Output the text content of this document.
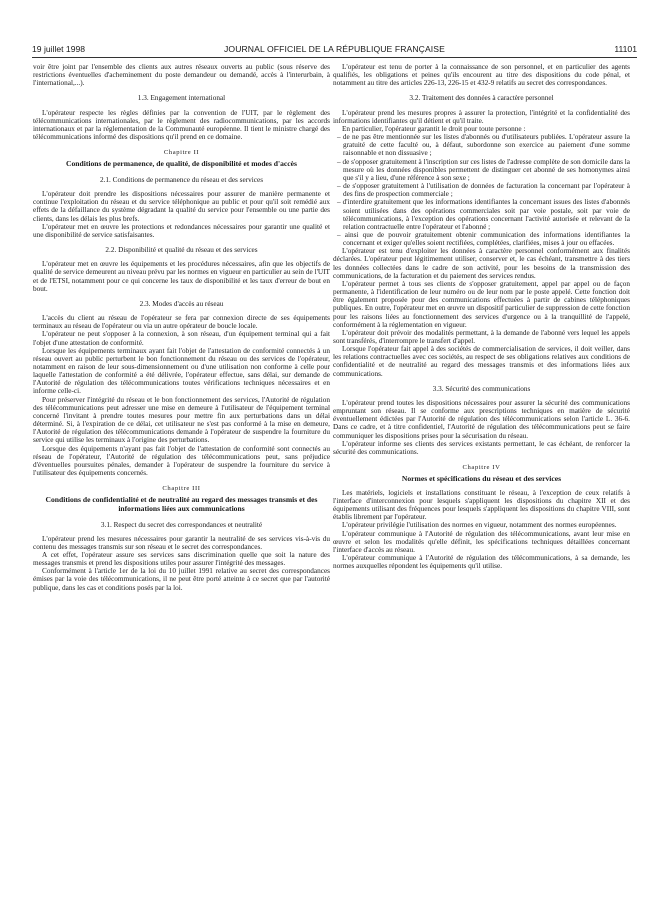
19 juillet 1998	JOURNAL OFFICIEL DE LA RÉPUBLIQUE FRANÇAISE	11101

voir être joint par l'ensemble des clients aux autres réseaux ouverts au public (sous réserve des restrictions éventuelles d'acheminement du poste demandeur ou demandé, accès à l'interurbain, à l'international,...).

1.3. Engagement international

L'opérateur respecte les règles définies par la convention de l'UIT, par le règlement des télécommunications internationales, par le règlement des radiocommunications, par les accords internationaux et par la réglementation de la Communauté européenne. Il tient le ministre chargé des télécommunications informé des dispositions qu'il prend en ce domaine.

Chapitre II
Conditions de permanence, de qualité, de disponibilité et modes d'accès
2.1. Conditions de permanence du réseau et des services

L'opérateur doit prendre les dispositions nécessaires pour assurer de manière permanente et continue l'exploitation du réseau et du service téléphonique au public et pour qu'il soit remédié aux effets de la défaillance du système dégradant la qualité du service pour l'ensemble ou une partie des clients, dans les délais les plus brefs.

L'opérateur met en œuvre les protections et redondances nécessaires pour garantir une qualité et une disponibilité de service satisfaisantes.

2.2. Disponibilité et qualité du réseau et des services

L'opérateur met en œuvre les équipements et les procédures nécessaires, afin que les objectifs de qualité de service demeurent au niveau prévu par les normes en vigueur en particulier au sein de l'UIT et de l'ETSI, notamment pour ce qui concerne les taux de disponibilité et les taux d'erreur de bout en bout.

2.3. Modes d'accès au réseau

L'accès du client au réseau de l'opérateur se fera par connexion directe de ses équipements terminaux au réseau de l'opérateur ou via un autre opérateur de boucle locale.

L'opérateur ne peut s'opposer à la connexion, à son réseau, d'un équipement terminal qui a fait l'objet d'une attestation de conformité.

Lorsque les équipements terminaux ayant fait l'objet de l'attestation de conformité connectés à un réseau ouvert au public perturbent le bon fonctionnement du réseau ou des services de l'opérateur, notamment en raison de leur sous-dimensionnement ou d'une utilisation non conforme à celle pour laquelle l'attestation de conformité a été délivrée, l'opérateur effectue, sans délai, sur demande de l'Autorité de régulation des télécommunications toutes vérifications techniques nécessaires et en informe celle-ci.

Pour préserver l'intégrité du réseau et le bon fonctionnement des services, l'Autorité de régulation des télécommunications peut adresser une mise en demeure à l'utilisateur de l'équipement terminal concerné l'invitant à prendre toutes mesures pour mettre fin aux perturbations dans un délai déterminé. Si, à l'expiration de ce délai, cet utilisateur ne s'est pas conformé à la mise en demeure, l'Autorité de régulation des télécommunications demande à l'opérateur de suspendre la fourniture du service qui utilise les terminaux à l'origine des perturbations.

Lorsque des équipements n'ayant pas fait l'objet de l'attestation de conformité sont connectés au réseau de l'opérateur, l'Autorité de régulation des télécommunications peut, sans préjudice d'éventuelles poursuites pénales, demander à l'opérateur de suspendre la fourniture du service à l'utilisateur des équipements concernés.

Chapitre III
Conditions de confidentialité et de neutralité au regard des messages transmis et des informations liées aux communications
3.1. Respect du secret des correspondances et neutralité

L'opérateur prend les mesures nécessaires pour garantir la neutralité de ses services vis-à-vis du contenu des messages transmis sur son réseau et le secret des correspondances.

A cet effet, l'opérateur assure ses services sans discrimination quelle que soit la nature des messages transmis et prend les dispositions utiles pour assurer l'intégrité des messages.

Conformément à l'article 1er de la loi du 10 juillet 1991 relative au secret des correspondances émises par la voie des télécommunications, il ne peut être porté atteinte à ce secret que par l'autorité publique, dans les cas et conditions posés par la loi.

L'opérateur est tenu de porter à la connaissance de son personnel, et en particulier des agents qualifiés, les obligations et peines qu'ils encourent au titre des dispositions du code pénal, et notamment au titre des articles 226-13, 226-15 et 432-9 relatifs au secret des correspondances.

3.2. Traitement des données à caractère personnel

L'opérateur prend les mesures propres à assurer la protection, l'intégrité et la confidentialité des informations identifiantes qu'il détient et qu'il traite.

En particulier, l'opérateur garantit le droit pour toute personne :

– de ne pas être mentionnée sur les listes d'abonnés ou d'utilisateurs publiées. L'opérateur assure la gratuité de cette faculté ou, à défaut, subordonne son exercice au paiement d'une somme raisonnable et non dissuasive ;
– de s'opposer gratuitement à l'inscription sur ces listes de l'adresse complète de son domicile dans la mesure où les données disponibles permettent de distinguer cet abonné de ses homonymes ainsi que s'il y a lieu, d'une référence à son sexe ;
– de s'opposer gratuitement à l'utilisation de données de facturation la concernant par l'opérateur à des fins de prospection commerciale ;
– d'interdire gratuitement que les informations identifiantes la concernant issues des listes d'abonnés soient utilisées dans des opérations commerciales soit par voie postale, soit par voie de télécommunications, à l'exception des opérations concernant l'activité autorisée et relevant de la relation contractuelle entre l'opérateur et l'abonné ;
– ainsi que de pouvoir gratuitement obtenir communication des informations identifiantes la concernant et exiger qu'elles soient rectifiées, complétées, clarifiées, mises à jour ou effacées.

L'opérateur est tenu d'exploiter les données à caractère personnel conformément aux finalités déclarées. L'opérateur peut légitimement utiliser, conserver et, le cas échéant, transmettre à des tiers les données collectées dans le cadre de son activité, pour les besoins de la transmission des communications, de la facturation et du paiement des services rendus.

L'opérateur permet à tous ses clients de s'opposer gratuitement, appel par appel ou de façon permanente, à l'identification de leur numéro ou de leur nom par le poste appelé. Cette fonction doit être également proposée pour des communications effectuées à partir de cabines téléphoniques publiques. En outre, l'opérateur met en œuvre un dispositif particulier de suppression de cette fonction pour les raisons liées au fonctionnement des services d'urgence ou à la tranquillité de l'appelé, conformément à la réglementation en vigueur.

L'opérateur doit prévoir des modalités permettant, à la demande de l'abonné vers lequel les appels sont transférés, d'interrompre le transfert d'appel.

Lorsque l'opérateur fait appel à des sociétés de commercialisation de services, il doit veiller, dans les relations contractuelles avec ces sociétés, au respect de ses obligations relatives aux conditions de confidentialité et de neutralité au regard des messages transmis et des informations liées aux communications.

3.3. Sécurité des communications

L'opérateur prend toutes les dispositions nécessaires pour assurer la sécurité des communications empruntant son réseau. Il se conforme aux prescriptions techniques en matière de sécurité éventuellement édictées par l'Autorité de régulation des télécommunications selon l'article L. 36-6. Dans ce cadre, et à titre confidentiel, l'Autorité de régulation des télécommunications peut se faire communiquer les dispositions prises pour la sécurisation du réseau.

L'opérateur informe ses clients des services existants permettant, le cas échéant, de renforcer la sécurité des communications.

Chapitre IV
Normes et spécifications du réseau et des services

Les matériels, logiciels et installations constituant le réseau, à l'exception de ceux relatifs à l'interface d'interconnexion pour lesquels s'appliquent les dispositions du chapitre XII et des équipements utilisant des fréquences pour lesquels s'appliquent les dispositions du chapitre VIII, sont établis librement par l'opérateur.

L'opérateur privilégie l'utilisation des normes en vigueur, notamment des normes européennes.

L'opérateur communique à l'Autorité de régulation des télécommunications, avant leur mise en œuvre et selon les modalités qu'elle définit, les spécifications techniques détaillées concernant l'interface d'accès au réseau.

L'opérateur communique à l'Autorité de régulation des télécommunications, à sa demande, les normes auxquelles répondent les équipements qu'il utilise.
